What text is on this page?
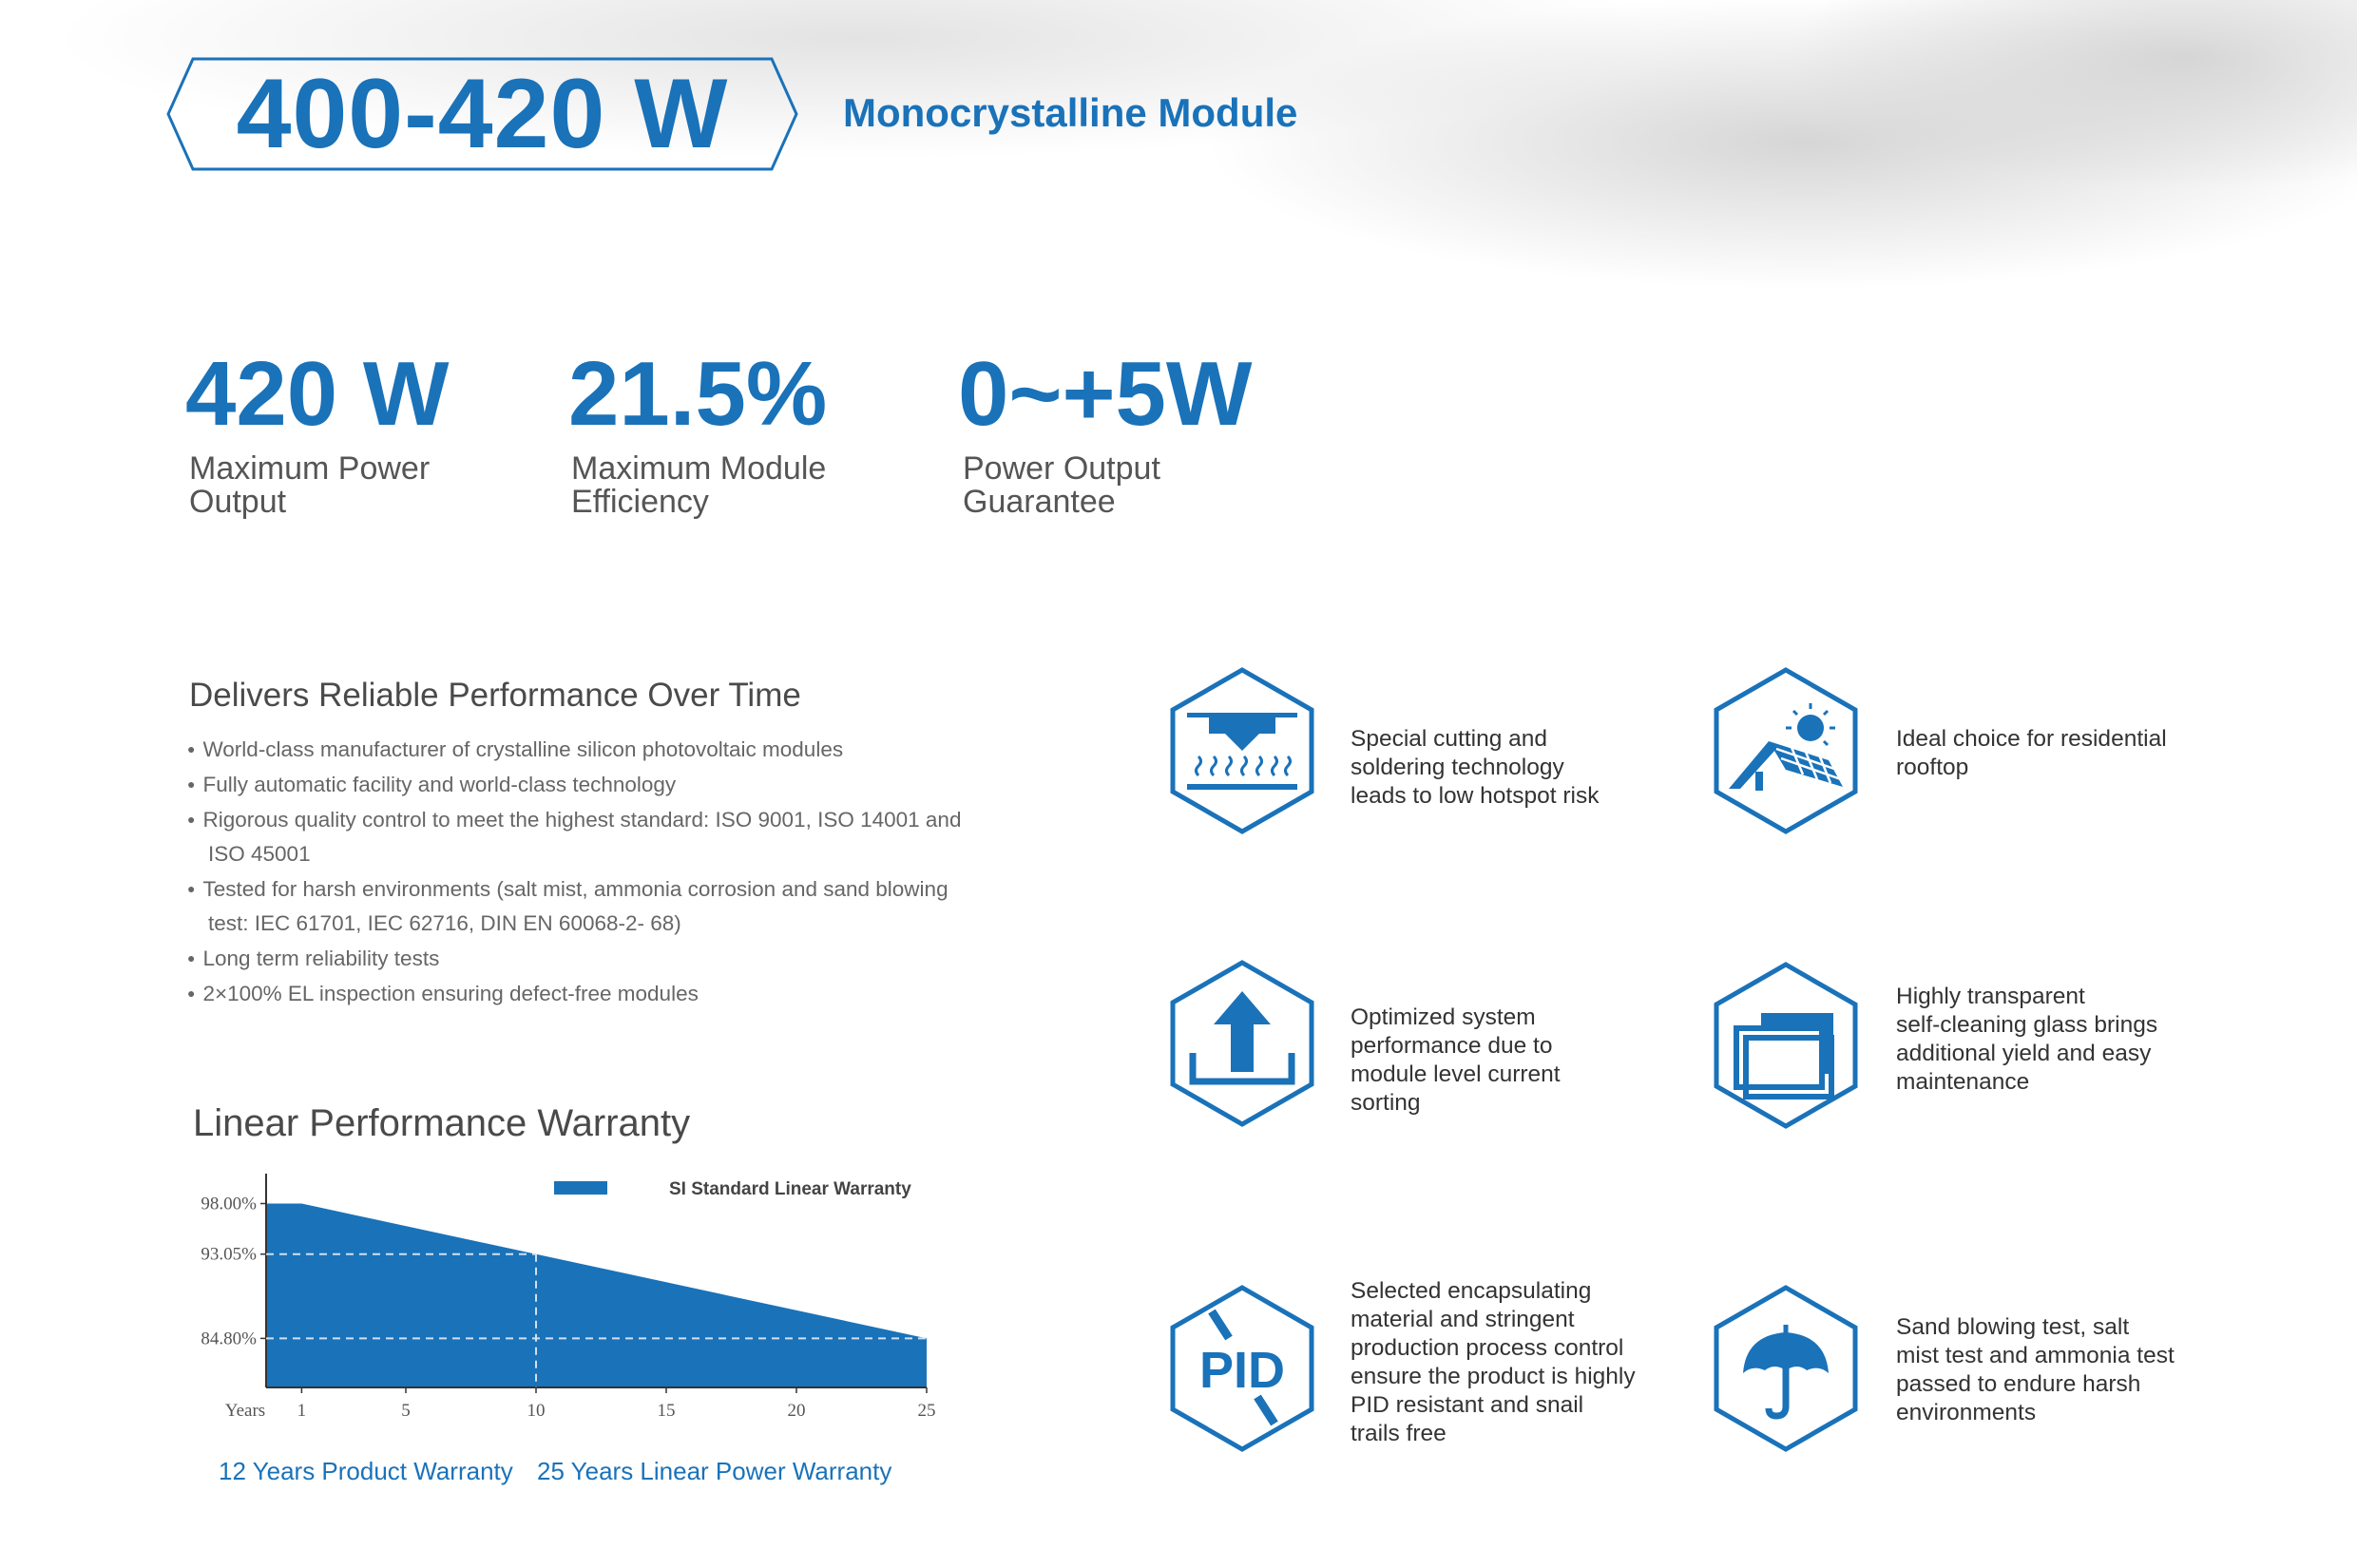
400-420 W	Monocrystalline Module
420 W
Maximum Power
Output
21.5%
Maximum Module
Efficiency
0~+5W
Power Output
Guarantee
Delivers Reliable Performance Over Time
● World-class manufacturer of crystalline silicon photovoltaic modules
● Fully automatic facility and world-class technology
● Rigorous quality control to meet the highest standard: ISO 9001, ISO 14001 and ISO 45001
● Tested for harsh environments (salt mist, ammonia corrosion and sand blowing test: IEC 61701, IEC 62716, DIN EN 60068-2- 68)
● Long term reliability tests
● 2×100% EL inspection ensuring defect-free modules
Linear Performance Warranty
98.00%
93.05%
84.80%
1	5	10	15	20	25
Years
SI Standard Linear Warranty
12 Years Product Warranty 25 Years Linear Power Warranty
Special cutting and
soldering technology
leads to low hotspot risk
Ideal choice for residential
rooftop
Optimized system
performance due to
module level current
sorting
Highly transparent
self-cleaning glass brings
additional yield and easy
maintenance
PID
Selected encapsulating
material and stringent
production process control
ensure the product is highly
PID resistant and snail
trails free
Sand blowing test, salt
mist test and ammonia test
passed to endure harsh
environments
